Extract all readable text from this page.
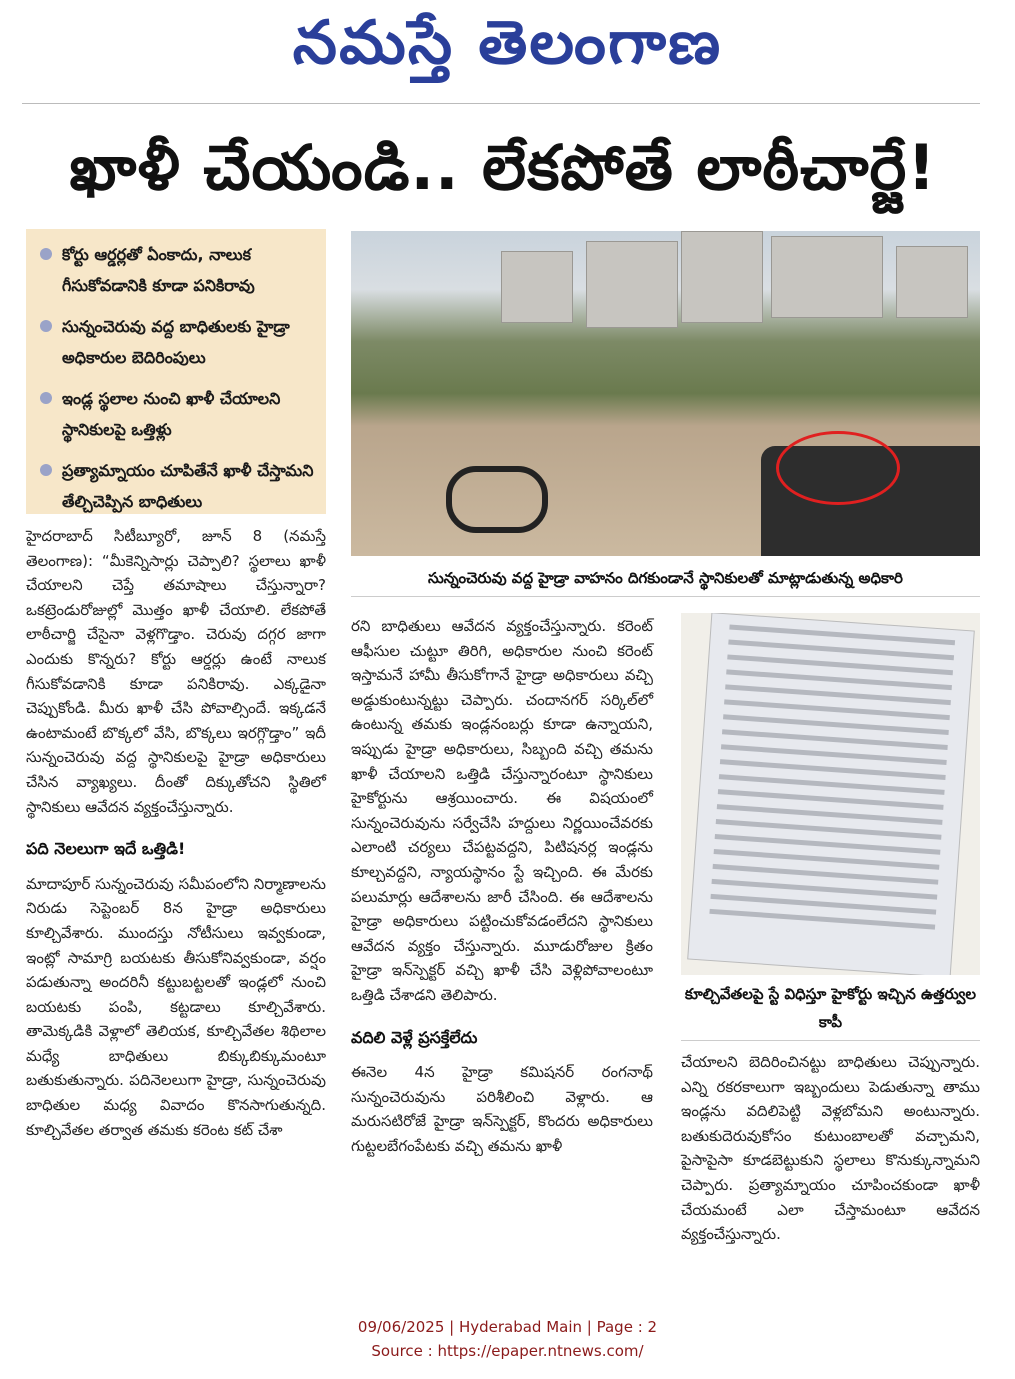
నమస్తే తెలంగాణ
ఖాళీ చేయండి.. లేకపోతే లాఠీచార్జే!
కోర్టు ఆర్డర్లతో ఏంకాదు, నాలుక గీసుకోవడానికి కూడా పనికిరావు
సున్నంచెరువు వద్ద బాధితులకు హైడ్రా అధికారుల బెదిరింపులు
ఇండ్ల స్థలాల నుంచి ఖాళీ చేయాలని స్థానికులపై ఒత్తిళ్లు
ప్రత్యామ్నాయం చూపితేనే ఖాళీ చేస్తామని తేల్చిచెప్పిన బాధితులు
సున్నంచెరువు వద్ద హైడ్రా వాహనం దిగకుండానే స్థానికులతో మాట్లాడుతున్న అధికారి
కూల్చివేతలపై స్టే విధిస్తూ హైకోర్టు ఇచ్చిన ఉత్తర్వుల కాపీ

హైదరాబాద్ సిటీబ్యూరో, జూన్ 8 (నమస్తే తెలంగాణ): “మీకెన్నిసార్లు చెప్పాలి? స్థలాలు ఖాళీ చేయాలని చెప్తే తమాషాలు చేస్తున్నారా? ఒకట్రెండురోజుల్లో మొత్తం ఖాళీ చేయాలి. లేకపోతే లాఠీచార్జి చేసైనా వెళ్లగొడ్తాం. చెరువు దగ్గర జాగా ఎందుకు కొన్నరు? కోర్టు ఆర్డర్లు ఉంటే నాలుక గీసుకోవడానికి కూడా పనికిరావు. ఎక్కడైనా చెప్పుకోండి. మీరు ఖాళీ చేసి పోవాల్సిందే. ఇక్కడనే ఉంటామంటే బొక్కలో వేసి, బొక్కలు ఇరగ్గొడ్తాం” ఇదీ సున్నంచెరువు వద్ద స్థానికులపై హైడ్రా అధికారులు చేసిన వ్యాఖ్యలు. దీంతో దిక్కుతోచని స్థితిలో స్థానికులు ఆవేదన వ్యక్తంచేస్తున్నారు.

పది నెలలుగా ఇదే ఒత్తిడి!

మాదాపూర్ సున్నంచెరువు సమీపంలోని నిర్మాణాలను నిరుడు సెప్టెంబర్ 8న హైడ్రా అధికారులు కూల్చివేశారు. ముందస్తు నోటీసులు ఇవ్వకుండా, ఇంట్లో సామాగ్రి బయటకు తీసుకోనివ్వకుండా, వర్షం పడుతున్నా అందరినీ కట్టుబట్టలతో ఇండ్లలో నుంచి బయటకు పంపి, కట్టడాలు కూల్చివేశారు. తామెక్కడికి వెళ్లాలో తెలియక, కూల్చివేతల శిథిలాల మధ్యే బాధితులు బిక్కుబిక్కుమంటూ బతుకుతున్నారు. పదినెలలుగా హైడ్రా, సున్నంచెరువు బాధితుల మధ్య వివాదం కొనసాగుతున్నది. కూల్చివేతల తర్వాత తమకు కరెంట కట్ చేశా

రని బాధితులు ఆవేదన వ్యక్తంచేస్తున్నారు. కరెంట్ ఆఫీసుల చుట్టూ తిరిగి, అధికారుల నుంచి కరెంట్ ఇస్తామనే హామీ తీసుకోగానే హైడ్రా అధికారులు వచ్చి అడ్డుకుంటున్నట్టు చెప్పారు. చందానగర్ సర్కిల్‌లో ఉంటున్న తమకు ఇండ్లనంబర్లు కూడా ఉన్నాయని, ఇప్పుడు హైడ్రా అధికారులు, సిబ్బంది వచ్చి తమను ఖాళీ చేయాలని ఒత్తిడి చేస్తున్నారంటూ స్థానికులు హైకోర్టును ఆశ్రయించారు. ఈ విషయంలో సున్నంచెరువును సర్వేచేసి హద్దులు నిర్ణయించేవరకు ఎలాంటి చర్యలు చేపట్టవద్దని, పిటిషనర్ల ఇండ్లను కూల్చవద్దని, న్యాయస్థానం స్టే ఇచ్చింది. ఈ మేరకు పలుమార్లు ఆదేశాలను జారీ చేసింది. ఈ ఆదేశాలను హైడ్రా అధికారులు పట్టించుకోవడంలేదని స్థానికులు ఆవేదన వ్యక్తం చేస్తున్నారు. మూడురోజుల క్రితం హైడ్రా ఇన్‌స్పెక్టర్ వచ్చి ఖాళీ చేసి వెళ్లిపోవాలంటూ ఒత్తిడి చేశాడని తెలిపారు.

వదిలి వెళ్లే ప్రసక్తేలేదు

ఈనెల 4న హైడ్రా కమిషనర్ రంగనాథ్ సున్నంచెరువును పరిశీలించి వెళ్లారు. ఆ మరుసటిరోజే హైడ్రా ఇన్‌స్పెక్టర్, కొందరు అధికారులు గుట్టలబేగంపేటకు వచ్చి తమను ఖాళీ

చేయాలని బెదిరించినట్టు బాధితులు చెప్పున్నారు. ఎన్ని రకరకాలుగా ఇబ్బందులు పెడుతున్నా తాము ఇండ్లను వదిలిపెట్టి వెళ్లబోమని అంటున్నారు. బతుకుదెరువుకోసం కుటుంబాలతో వచ్చామని, పైసాపైసా కూడబెట్టుకుని స్థలాలు కొనుక్కున్నామని చెప్పారు. ప్రత్యామ్నాయం చూపించకుండా ఖాళీ చేయమంటే ఎలా చేస్తామంటూ ఆవేదన వ్యక్తంచేస్తున్నారు.

09/06/2025 | Hyderabad Main | Page : 2
Source : https://epaper.ntnews.com/
